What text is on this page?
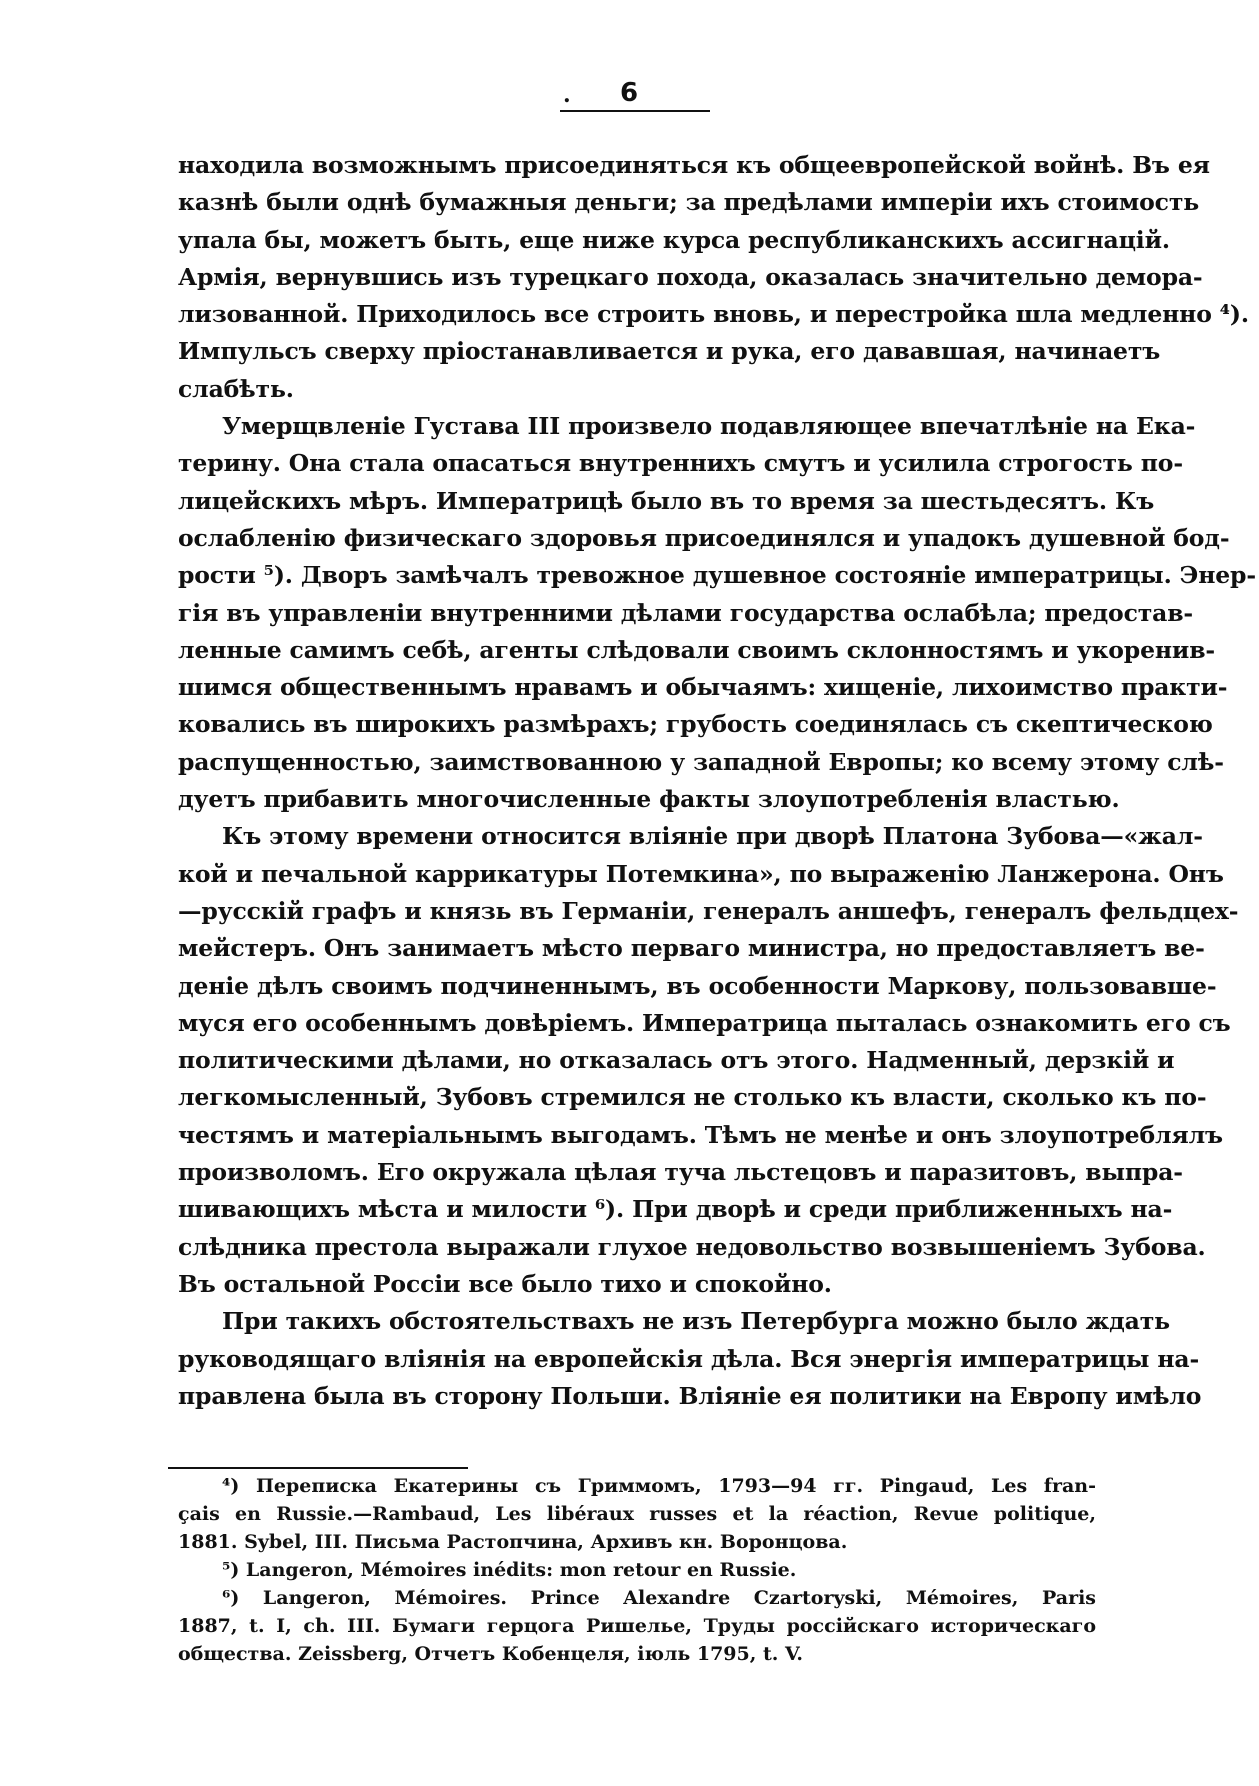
. 6
находила возможнымъ присоединяться къ общеевропейской войнѣ. Въ ея
казнѣ были однѣ бумажныя деньги; за предѣлами имперіи ихъ стоимость
упала бы, можетъ быть, еще ниже курса республиканскихъ ассигнацій.
Армія, вернувшись изъ турецкаго похода, оказалась значительно демора-
лизованной. Приходилось все строить вновь, и перестройка шла медленно ⁴).
Импульсъ сверху пріостанавливается и рука, его дававшая, начинаетъ
слабѣть.
Умерщвленіе Густава III произвело подавляющее впечатлѣніе на Ека-
терину. Она стала опасаться внутреннихъ смутъ и усилила строгость по-
лицейскихъ мѣръ. Императрицѣ было въ то время за шестьдесятъ. Къ
ослабленію физическаго здоровья присоединялся и упадокъ душевной бод-
рости ⁵). Дворъ замѣчалъ тревожное душевное состояніе императрицы. Энер-
гія въ управленіи внутренними дѣлами государства ослабѣла; предостав-
ленные самимъ себѣ, агенты слѣдовали своимъ склонностямъ и укоренив-
шимся общественнымъ нравамъ и обычаямъ: хищеніе, лихоимство практи-
ковались въ широкихъ размѣрахъ; грубость соединялась съ скептическою
распущенностью, заимствованною у западной Европы; ко всему этому слѣ-
дуетъ прибавить многочисленные факты злоупотребленія властью.
Къ этому времени относится вліяніе при дворѣ Платона Зубова—«жал-
кой и печальной каррикатуры Потемкина», по выраженію Ланжерона. Онъ
—русскій графъ и князь въ Германіи, генералъ аншефъ, генералъ фельдцех-
мейстеръ. Онъ занимаетъ мѣсто перваго министра, но предоставляетъ ве-
деніе дѣлъ своимъ подчиненнымъ, въ особенности Маркову, пользовавше-
муся его особеннымъ довѣріемъ. Императрица пыталась ознакомить его съ
политическими дѣлами, но отказалась отъ этого. Надменный, дерзкій и
легкомысленный, Зубовъ стремился не столько къ власти, сколько къ по-
честямъ и матеріальнымъ выгодамъ. Тѣмъ не менѣе и онъ злоупотреблялъ
произволомъ. Его окружала цѣлая туча льстецовъ и паразитовъ, выпра-
шивающихъ мѣста и милости ⁶). При дворѣ и среди приближенныхъ на-
слѣдника престола выражали глухое недовольство возвышеніемъ Зубова.
Въ остальной Россіи все было тихо и спокойно.
При такихъ обстоятельствахъ не изъ Петербурга можно было ждать
руководящаго вліянія на европейскія дѣла. Вся энергія императрицы на-
правлена была въ сторону Польши. Вліяніе ея политики на Европу имѣло
⁴) Переписка Екатерины съ Гриммомъ, 1793—94 гг. Pingaud, Les fran-
çais en Russie.—Rambaud, Les libéraux russes et la réaction, Revue politique,
1881. Sybel, III. Письма Растопчина, Архивъ кн. Воронцова.
⁵) Langeron, Mémoires inédits: mon retour en Russie.
⁶) Langeron, Mémoires. Prince Alexandre Czartoryski, Mémoires, Paris
1887, t. I, ch. III. Бумаги герцога Ришелье, Труды россійскаго историческаго
общества. Zeissberg, Отчетъ Кобенцеля, іюль 1795, t. V.
